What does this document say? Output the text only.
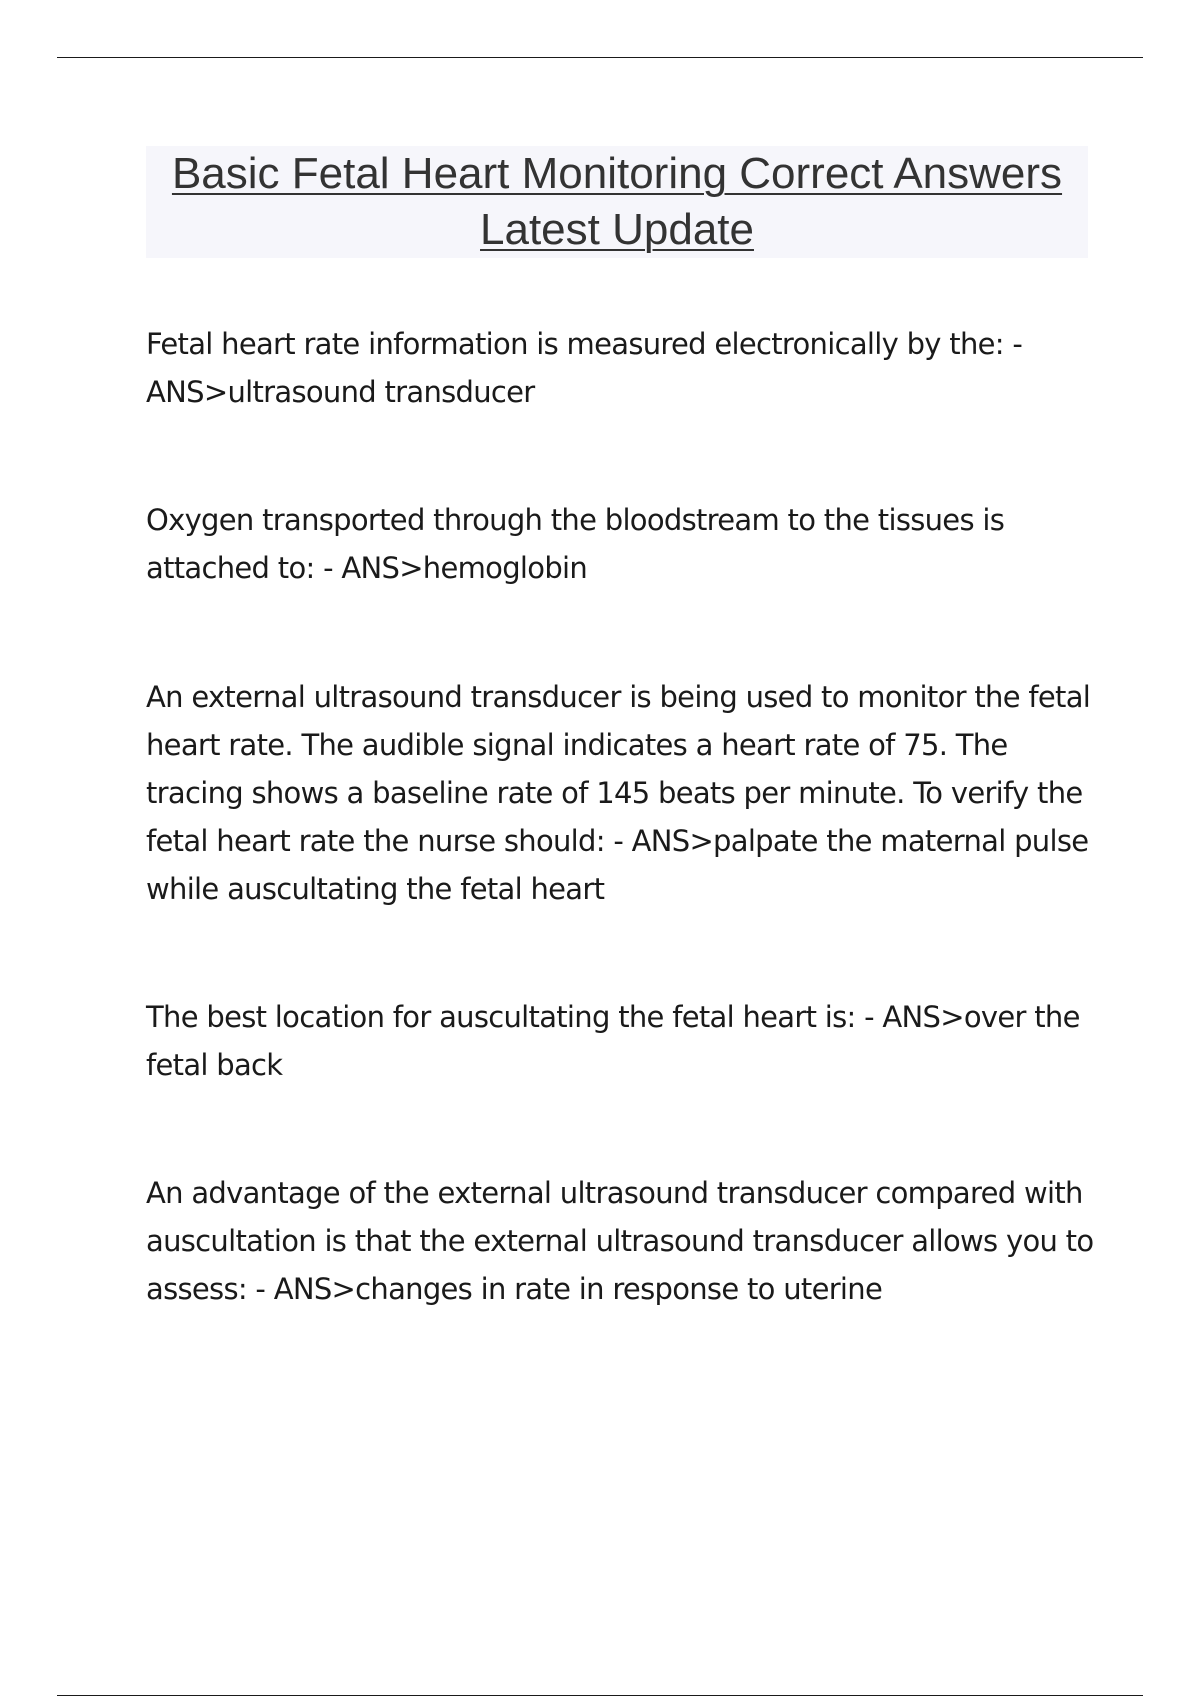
Basic Fetal Heart Monitoring Correct Answers Latest Update

Fetal heart rate information is measured electronically by the: - ANS>ultrasound transducer

Oxygen transported through the bloodstream to the tissues is attached to: - ANS>hemoglobin

An external ultrasound transducer is being used to monitor the fetal heart rate. The audible signal indicates a heart rate of 75. The tracing shows a baseline rate of 145 beats per minute. To verify the fetal heart rate the nurse should: - ANS>palpate the maternal pulse while auscultating the fetal heart

The best location for auscultating the fetal heart is: - ANS>over the fetal back

An advantage of the external ultrasound transducer compared with auscultation is that the external ultrasound transducer allows you to assess: - ANS>changes in rate in response to uterine
